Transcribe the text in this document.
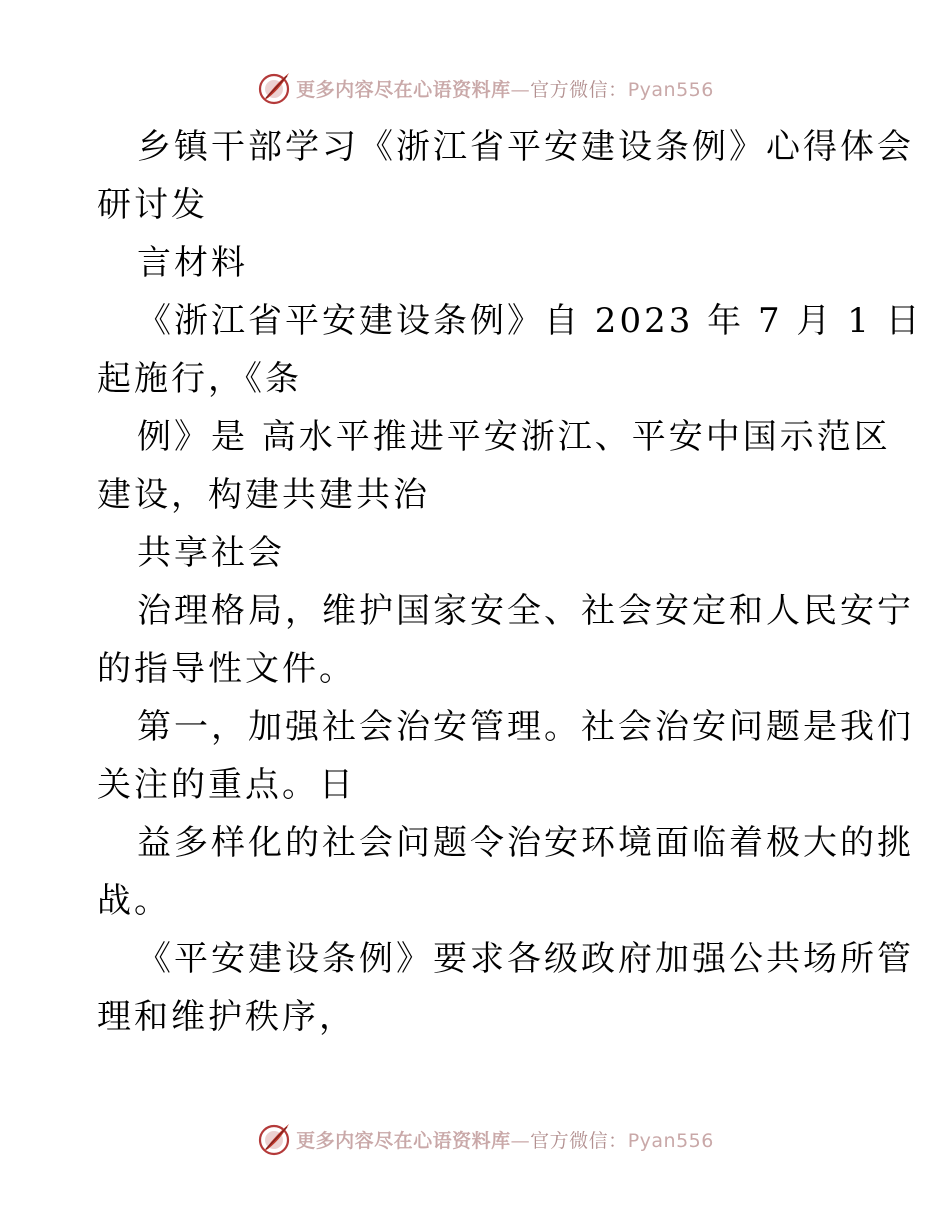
更多内容尽在心语资料库—官方微信：Pyan556
乡镇干部学习《浙江省平安建设条例》心得体会
研讨发
言材料
《浙江省平安建设条例》自 2023 年 7 月 1 日
起施行，《条
例》是 高水平推进平安浙江、平安中国示范区
建设，构建共建共治
共享社会
治理格局，维护国家安全、社会安定和人民安宁
的指导性文件。
第一，加强社会治安管理。社会治安问题是我们
关注的重点。日
益多样化的社会问题令治安环境面临着极大的挑
战。
《平安建设条例》要求各级政府加强公共场所管
理和维护秩序，
更多内容尽在心语资料库—官方微信：Pyan556
